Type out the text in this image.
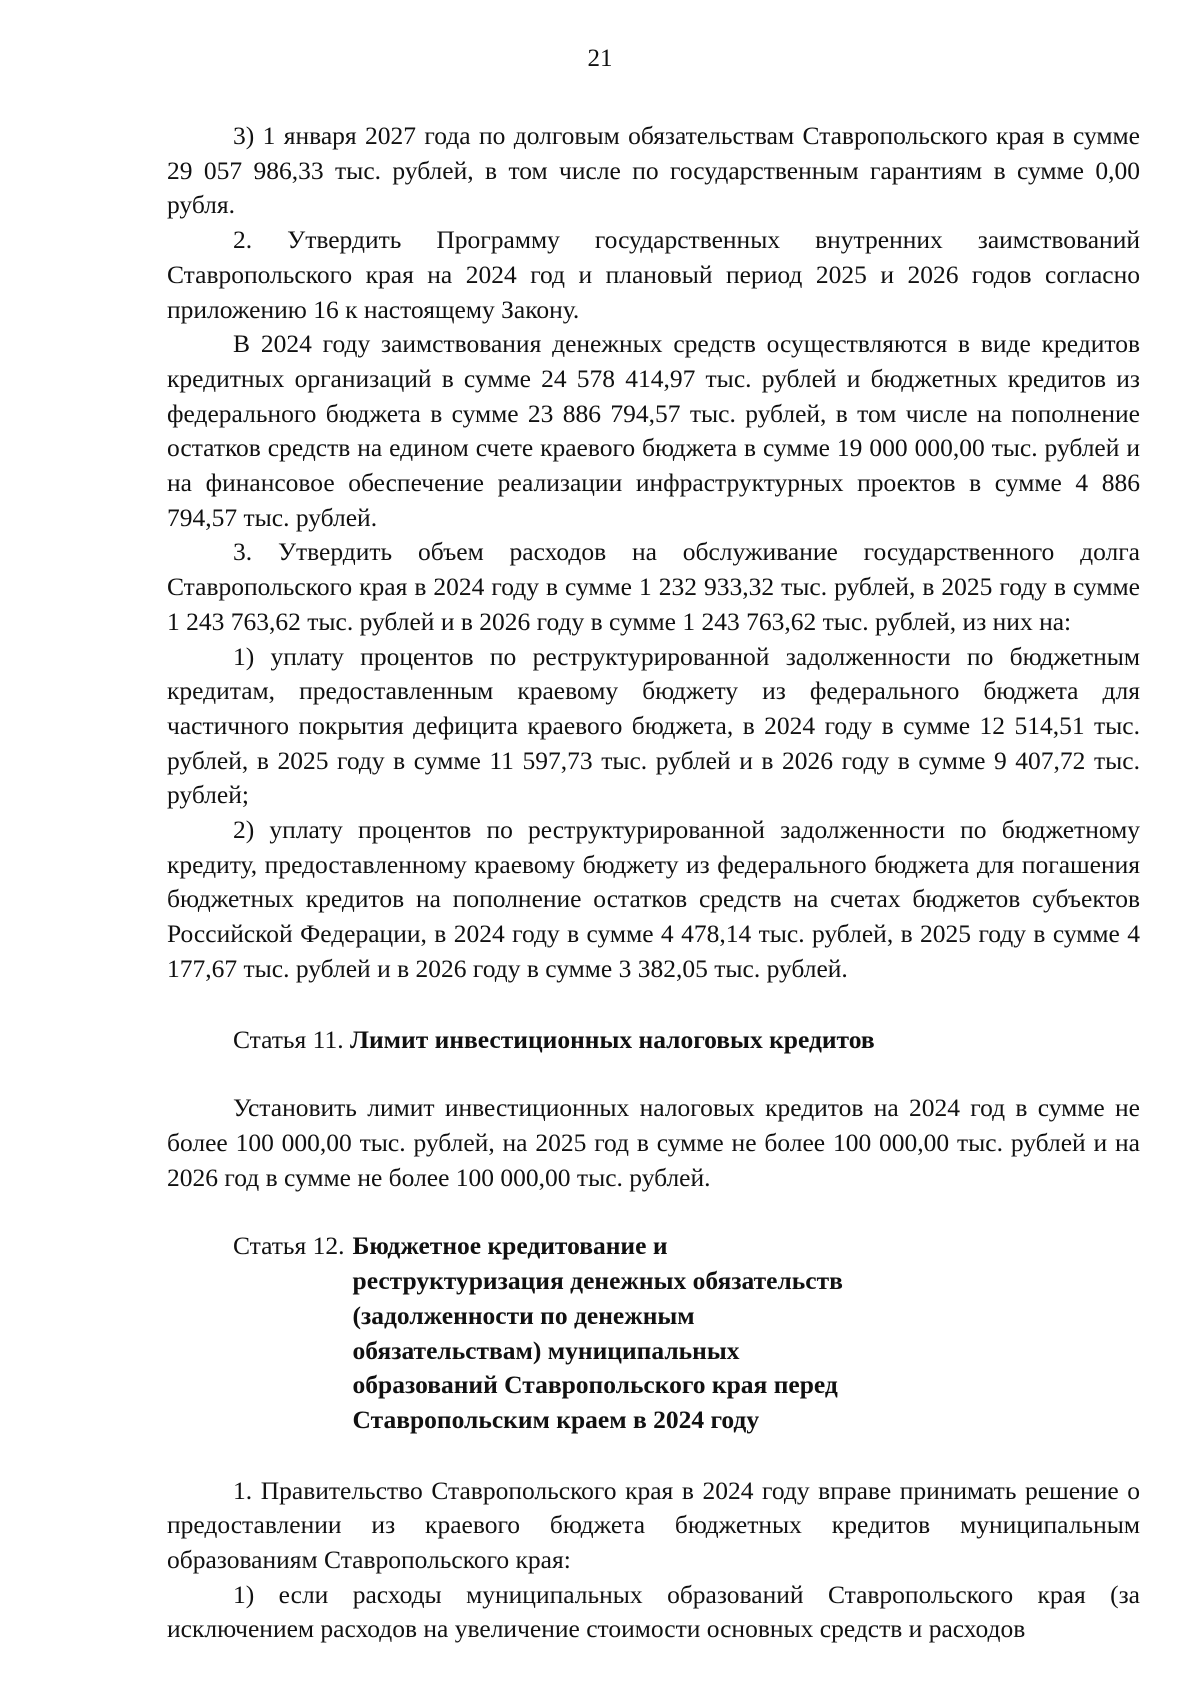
21

3) 1 января 2027 года по долговым обязательствам Ставропольского края в сумме 29 057 986,33 тыс. рублей, в том числе по государственным гарантиям в сумме 0,00 рубля.

2. Утвердить Программу государственных внутренних заимствований Ставропольского края на 2024 год и плановый период 2025 и 2026 годов согласно приложению 16 к настоящему Закону.

В 2024 году заимствования денежных средств осуществляются в виде кредитов кредитных организаций в сумме 24 578 414,97 тыс. рублей и бюджетных кредитов из федерального бюджета в сумме 23 886 794,57 тыс. рублей, в том числе на пополнение остатков средств на едином счете краевого бюджета в сумме 19 000 000,00 тыс. рублей и на финансовое обеспечение реализации инфраструктурных проектов в сумме 4 886 794,57 тыс. рублей.

3. Утвердить объем расходов на обслуживание государственного долга Ставропольского края в 2024 году в сумме 1 232 933,32 тыс. рублей, в 2025 году в сумме 1 243 763,62 тыс. рублей и в 2026 году в сумме 1 243 763,62 тыс. рублей, из них на:

1) уплату процентов по реструктурированной задолженности по бюджетным кредитам, предоставленным краевому бюджету из федерального бюджета для частичного покрытия дефицита краевого бюджета, в 2024 году в сумме 12 514,51 тыс. рублей, в 2025 году в сумме 11 597,73 тыс. рублей и в 2026 году в сумме 9 407,72 тыс. рублей;

2) уплату процентов по реструктурированной задолженности по бюджетному кредиту, предоставленному краевому бюджету из федерального бюджета для погашения бюджетных кредитов на пополнение остатков средств на счетах бюджетов субъектов Российской Федерации, в 2024 году в сумме 4 478,14 тыс. рублей, в 2025 году в сумме 4 177,67 тыс. рублей и в 2026 году в сумме 3 382,05 тыс. рублей.

Статья 11. Лимит инвестиционных налоговых кредитов

Установить лимит инвестиционных налоговых кредитов на 2024 год в сумме не более 100 000,00 тыс. рублей, на 2025 год в сумме не более 100 000,00 тыс. рублей и на 2026 год в сумме не более 100 000,00 тыс. рублей.

Статья 12. Бюджетное кредитование и реструктуризация денежных обязательств (задолженности по денежным обязательствам) муниципальных образований Ставропольского края перед Ставропольским краем в 2024 году

1. Правительство Ставропольского края в 2024 году вправе принимать решение о предоставлении из краевого бюджета бюджетных кредитов муниципальным образованиям Ставропольского края:

1) если расходы муниципальных образований Ставропольского края (за исключением расходов на увеличение стоимости основных средств и расходов
